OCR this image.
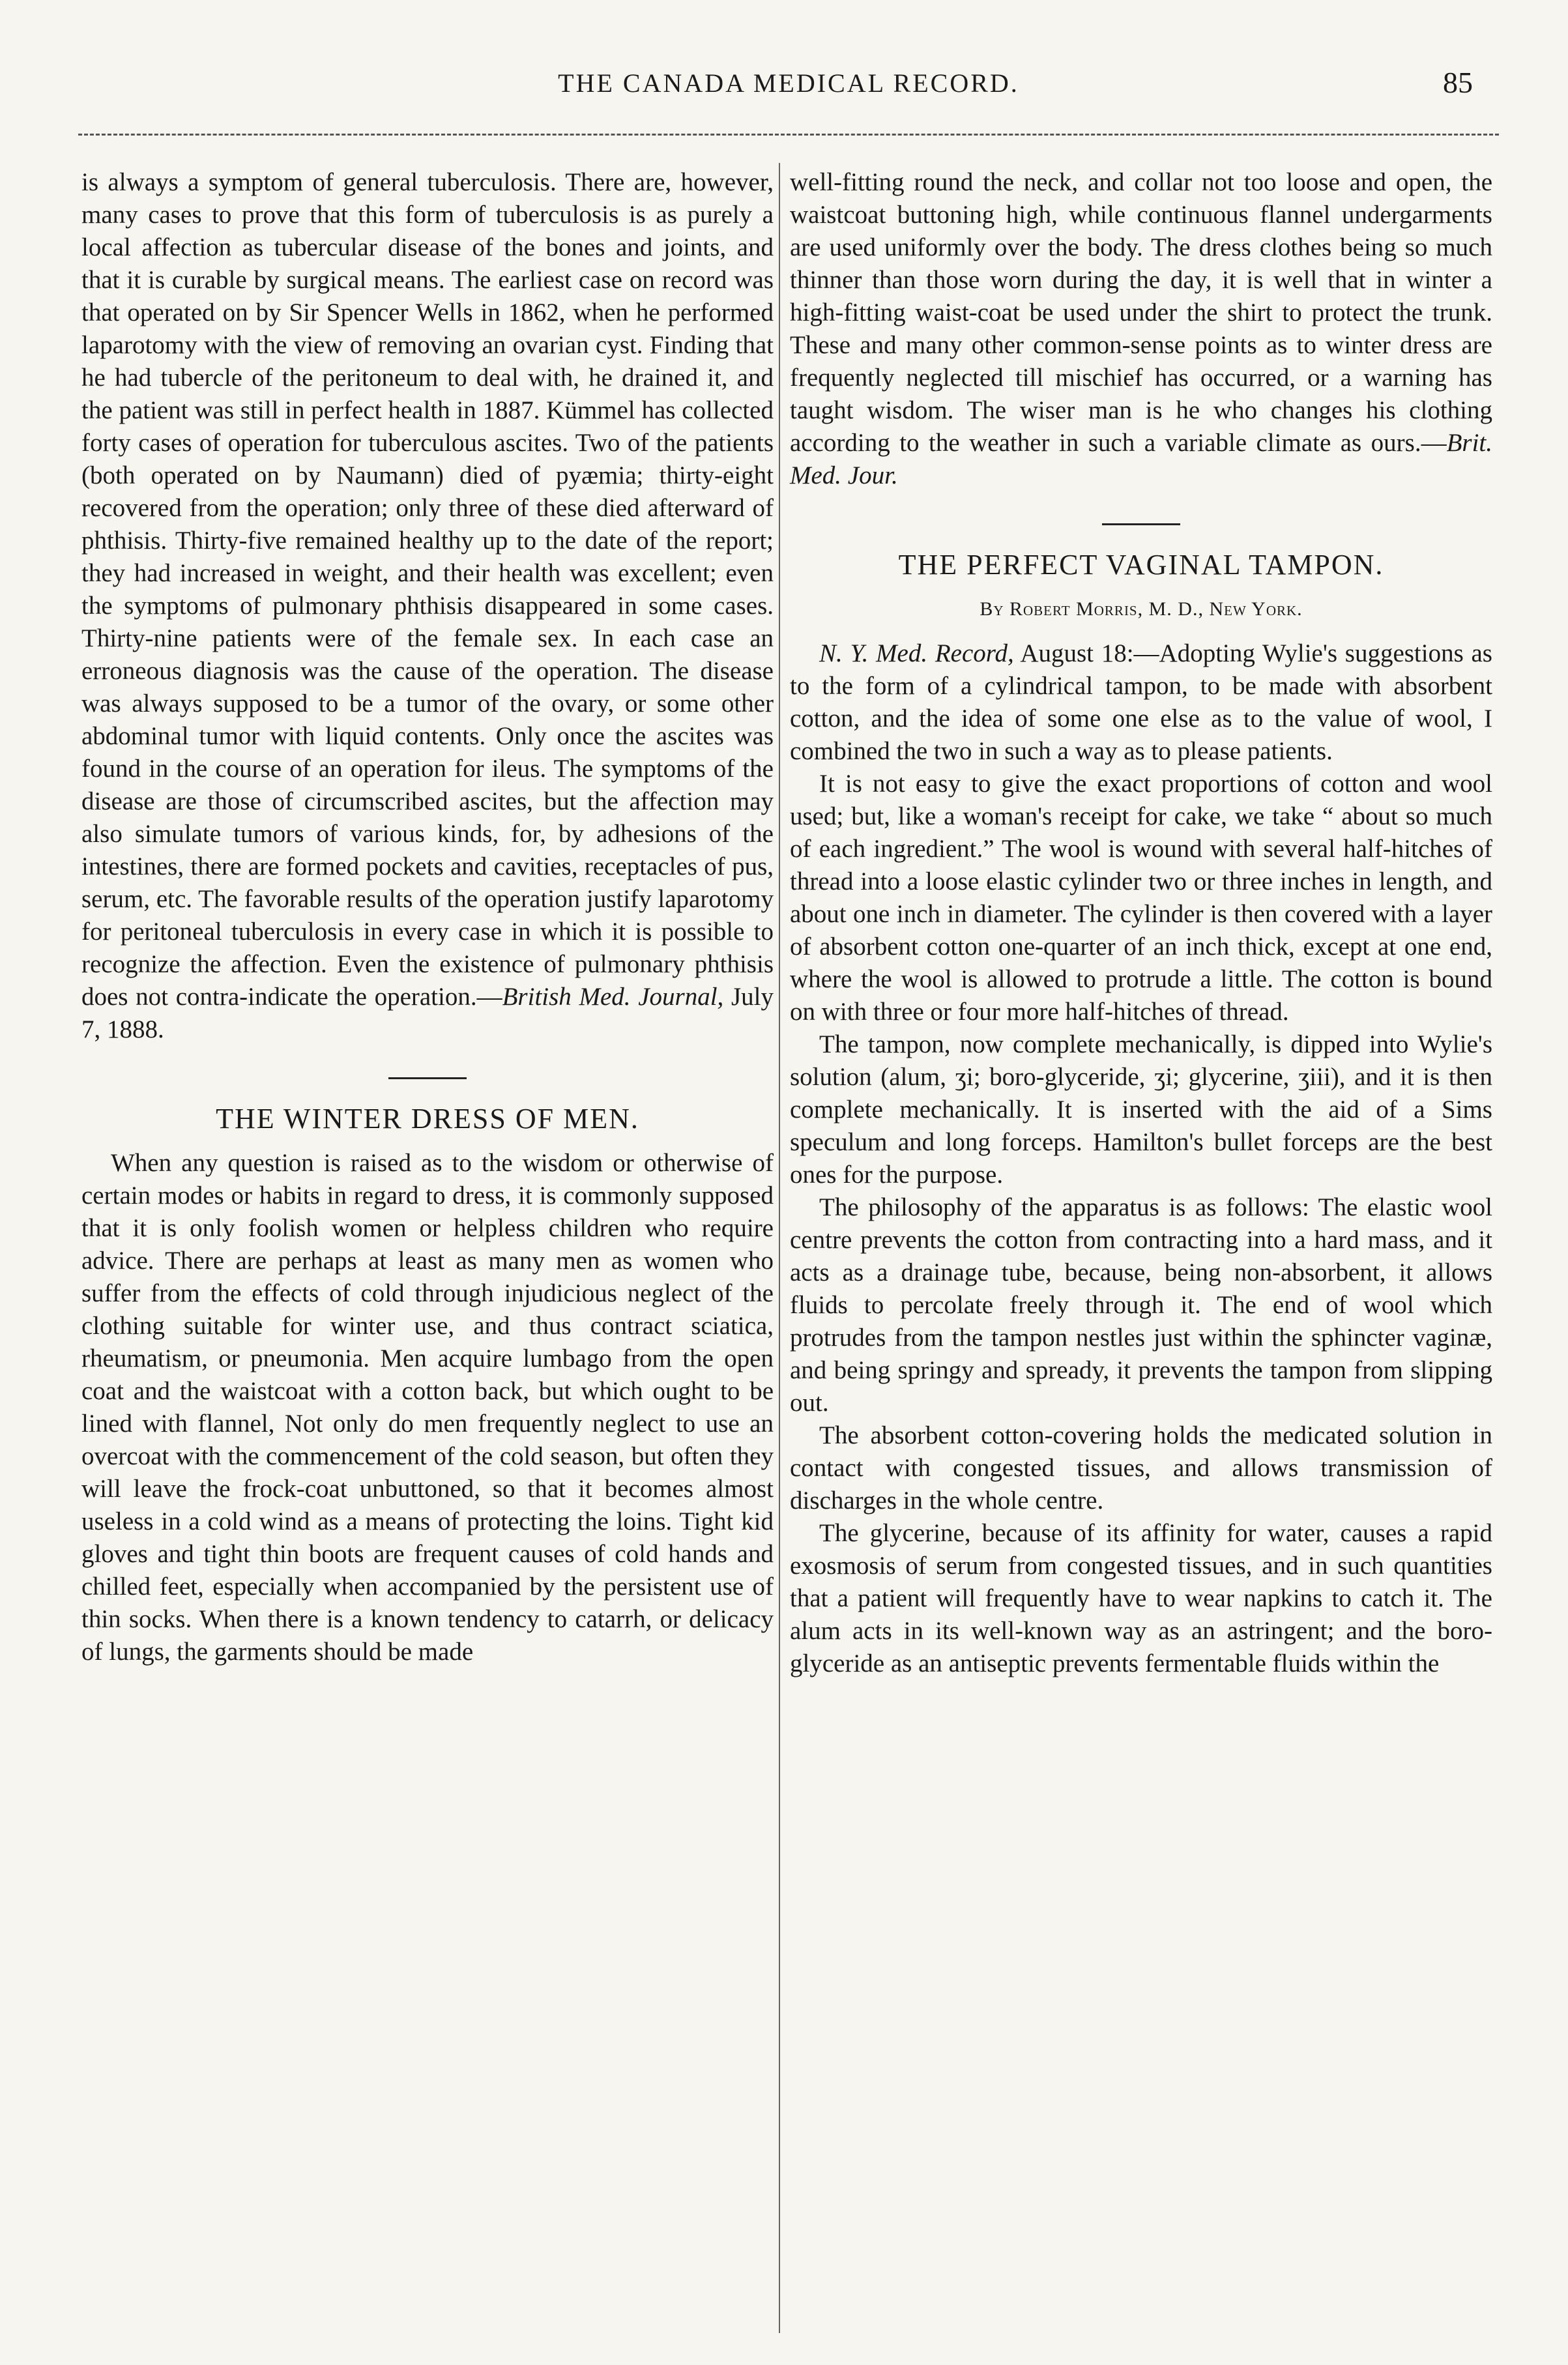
THE CANADA MEDICAL RECORD.	85

is always a symptom of general tuberculosis. There are, however, many cases to prove that this form of tuberculosis is as purely a local affection as tubercular disease of the bones and joints, and that it is curable by surgical means. The earliest case on record was that operated on by Sir Spencer Wells in 1862, when he performed laparotomy with the view of removing an ovarian cyst. Finding that he had tubercle of the peritoneum to deal with, he drained it, and the patient was still in perfect health in 1887. Kümmel has collected forty cases of operation for tuberculous ascites. Two of the patients (both operated on by Naumann) died of pyæmia; thirty-eight recovered from the operation; only three of these died afterward of phthisis. Thirty-five remained healthy up to the date of the report; they had increased in weight, and their health was excellent; even the symptoms of pulmonary phthisis disappeared in some cases. Thirty-nine patients were of the female sex. In each case an erroneous diagnosis was the cause of the operation. The disease was always supposed to be a tumor of the ovary, or some other abdominal tumor with liquid contents. Only once the ascites was found in the course of an operation for ileus. The symptoms of the disease are those of circumscribed ascites, but the affection may also simulate tumors of various kinds, for, by adhesions of the intestines, there are formed pockets and cavities, receptacles of pus, serum, etc. The favorable results of the operation justify laparotomy for peritoneal tuberculosis in every case in which it is possible to recognize the affection. Even the existence of pulmonary phthisis does not contra-indicate the operation.—British Med. Journal, July 7, 1888.

THE WINTER DRESS OF MEN.

When any question is raised as to the wisdom or otherwise of certain modes or habits in regard to dress, it is commonly supposed that it is only foolish women or helpless children who require advice. There are perhaps at least as many men as women who suffer from the effects of cold through injudicious neglect of the clothing suitable for winter use, and thus contract sciatica, rheumatism, or pneumonia. Men acquire lumbago from the open coat and the waistcoat with a cotton back, but which ought to be lined with flannel, Not only do men frequently neglect to use an overcoat with the commencement of the cold season, but often they will leave the frock-coat unbuttoned, so that it becomes almost useless in a cold wind as a means of protecting the loins. Tight kid gloves and tight thin boots are frequent causes of cold hands and chilled feet, especially when accompanied by the persistent use of thin socks. When there is a known tendency to catarrh, or delicacy of lungs, the garments should be made

well-fitting round the neck, and collar not too loose and open, the waistcoat buttoning high, while continuous flannel undergarments are used uniformly over the body. The dress clothes being so much thinner than those worn during the day, it is well that in winter a high-fitting waist-coat be used under the shirt to protect the trunk. These and many other common-sense points as to winter dress are frequently neglected till mischief has occurred, or a warning has taught wisdom. The wiser man is he who changes his clothing according to the weather in such a variable climate as ours.—Brit. Med. Jour.

THE PERFECT VAGINAL TAMPON.
By Robert Morris, M. D., New York.

N. Y. Med. Record, August 18:—Adopting Wylie's suggestions as to the form of a cylindrical tampon, to be made with absorbent cotton, and the idea of some one else as to the value of wool, I combined the two in such a way as to please patients.

It is not easy to give the exact proportions of cotton and wool used; but, like a woman's receipt for cake, we take “ about so much of each ingredient.” The wool is wound with several half-hitches of thread into a loose elastic cylinder two or three inches in length, and about one inch in diameter. The cylinder is then covered with a layer of absorbent cotton one-quarter of an inch thick, except at one end, where the wool is allowed to protrude a little. The cotton is bound on with three or four more half-hitches of thread.

The tampon, now complete mechanically, is dipped into Wylie's solution (alum, ʒi; boro-glyceride, ʒi; glycerine, ʒiii), and it is then complete mechanically. It is inserted with the aid of a Sims speculum and long forceps. Hamilton's bullet forceps are the best ones for the purpose.

The philosophy of the apparatus is as follows: The elastic wool centre prevents the cotton from contracting into a hard mass, and it acts as a drainage tube, because, being non-absorbent, it allows fluids to percolate freely through it. The end of wool which protrudes from the tampon nestles just within the sphincter vaginæ, and being springy and spready, it prevents the tampon from slipping out.

The absorbent cotton-covering holds the medicated solution in contact with congested tissues, and allows transmission of discharges in the whole centre.

The glycerine, because of its affinity for water, causes a rapid exosmosis of serum from congested tissues, and in such quantities that a patient will frequently have to wear napkins to catch it. The alum acts in its well-known way as an astringent; and the boro-glyceride as an antiseptic prevents fermentable fluids within the
